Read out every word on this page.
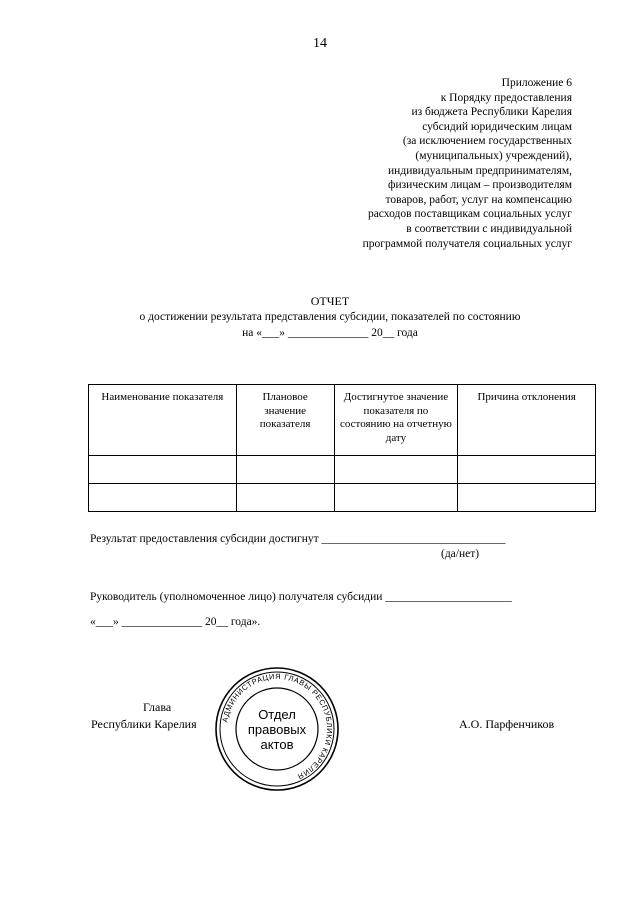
14
Приложение 6
к Порядку предоставления
из бюджета Республики Карелия
субсидий юридическим лицам
(за исключением государственных
(муниципальных) учреждений),
индивидуальным предпринимателям,
физическим лицам – производителям
товаров, работ, услуг на компенсацию
расходов поставщикам социальных услуг
в соответствии с индивидуальной
программой получателя социальных услуг
ОТЧЕТ
о достижении результата представления субсидии, показателей по состоянию
на «___» ______________ 20__ года
Наименование показателя	Плановое значение показателя	Достигнутое значение показателя по состоянию на отчетную дату	Причина отклонения

Результат предоставления субсидии достигнут ________________________________
(да/нет)
Руководитель (уполномоченное лицо) получателя субсидии ______________________
«___» ______________ 20__ года».
Глава
Республики Карелия	А.О. Парфенчиков
АДМИНИСТРАЦИЯ ГЛАВЫ РЕСПУБЛИКИ КАРЕЛИЯ
Отдел
правовых
актов
